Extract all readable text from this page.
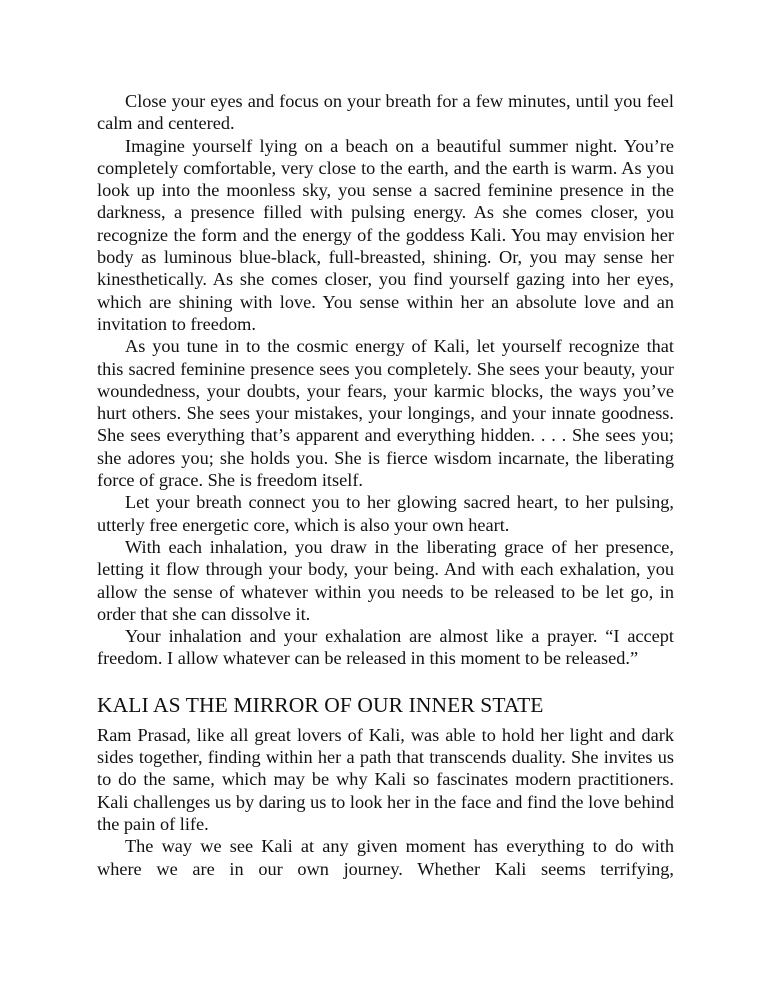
Close your eyes and focus on your breath for a few minutes, until you feel calm and centered.

Imagine yourself lying on a beach on a beautiful summer night. You’re completely comfortable, very close to the earth, and the earth is warm. As you look up into the moonless sky, you sense a sacred feminine presence in the darkness, a presence filled with pulsing energy. As she comes closer, you recognize the form and the energy of the goddess Kali. You may envision her body as luminous blue-black, full-breasted, shining. Or, you may sense her kinesthetically. As she comes closer, you find yourself gazing into her eyes, which are shining with love. You sense within her an absolute love and an invitation to freedom.

As you tune in to the cosmic energy of Kali, let yourself recognize that this sacred feminine presence sees you completely. She sees your beauty, your woundedness, your doubts, your fears, your karmic blocks, the ways you’ve hurt others. She sees your mistakes, your longings, and your innate goodness. She sees everything that’s apparent and everything hidden. . . . She sees you; she adores you; she holds you. She is fierce wisdom incarnate, the liberating force of grace. She is freedom itself.

Let your breath connect you to her glowing sacred heart, to her pulsing, utterly free energetic core, which is also your own heart.

With each inhalation, you draw in the liberating grace of her presence, letting it flow through your body, your being. And with each exhalation, you allow the sense of whatever within you needs to be released to be let go, in order that she can dissolve it.

Your inhalation and your exhalation are almost like a prayer. “I accept freedom. I allow whatever can be released in this moment to be released.”

KALI AS THE MIRROR OF OUR INNER STATE

Ram Prasad, like all great lovers of Kali, was able to hold her light and dark sides together, finding within her a path that transcends duality. She invites us to do the same, which may be why Kali so fascinates modern practitioners. Kali challenges us by daring us to look her in the face and find the love behind the pain of life.

The way we see Kali at any given moment has everything to do with where we are in our own journey. Whether Kali seems terrifying,
